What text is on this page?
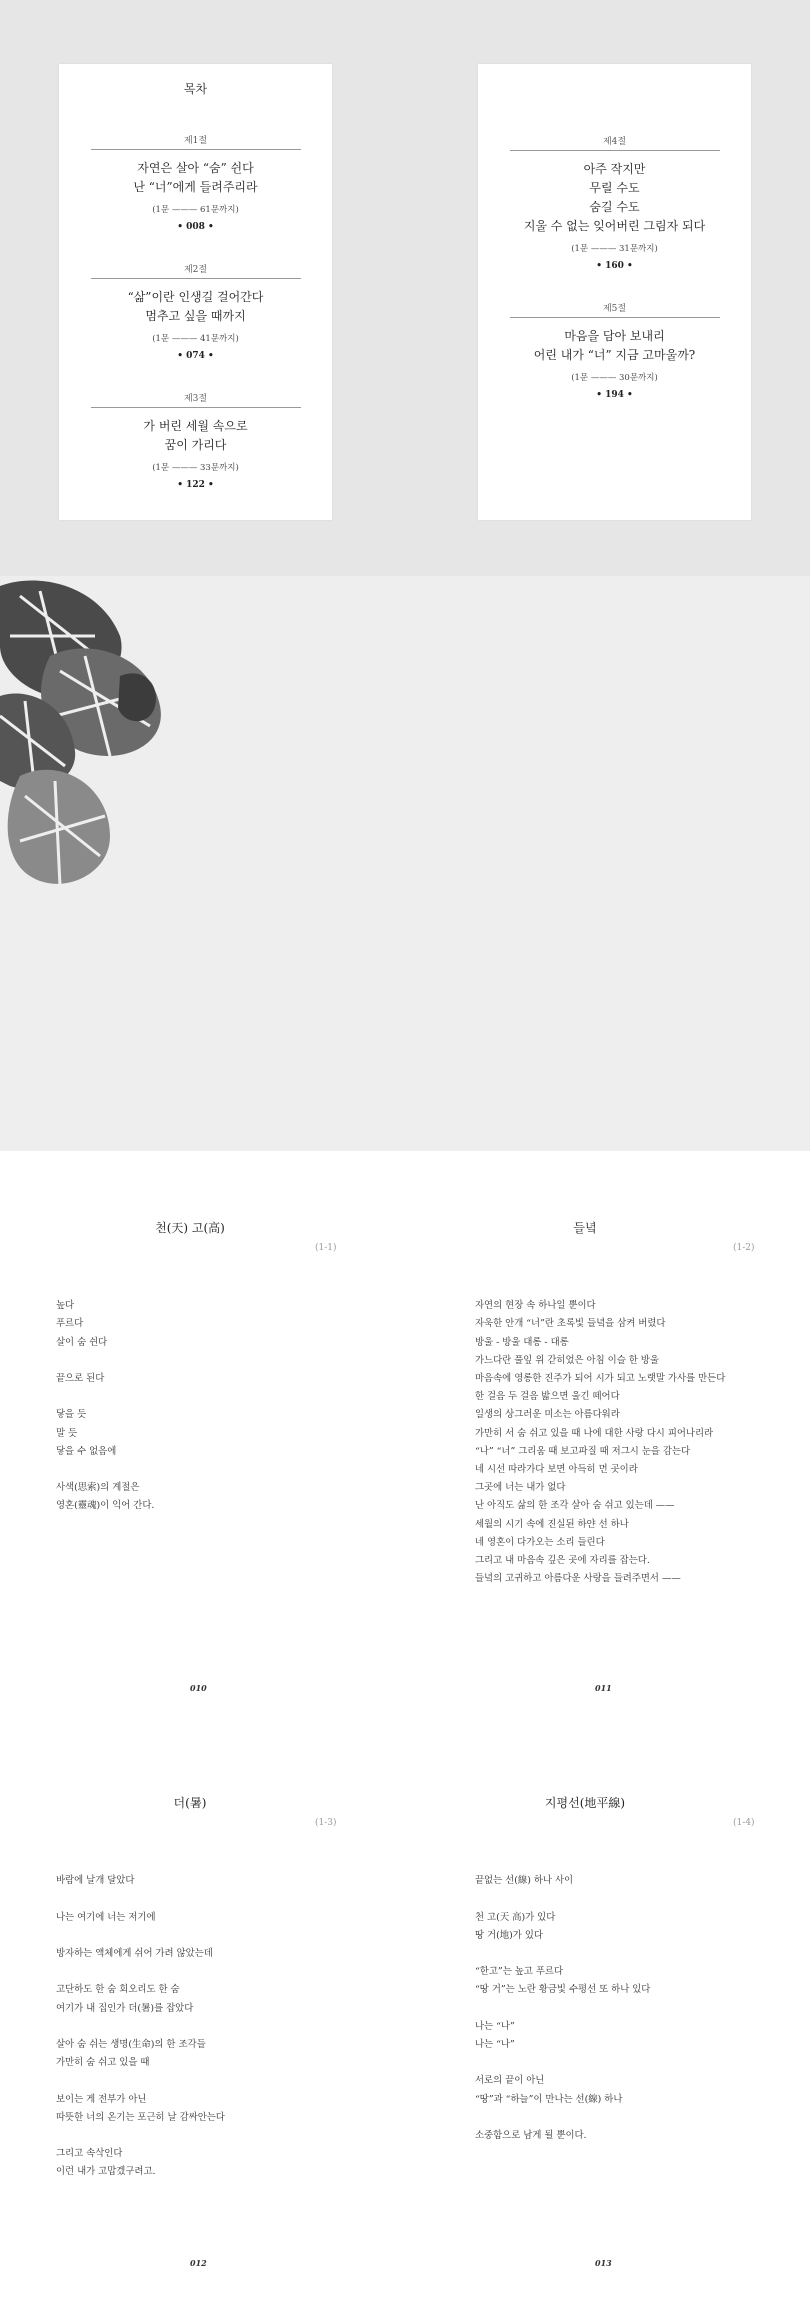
목차
제1절
자연은 살아 “숨” 쉰다
난 “너”에게 들려주리라
(1문 ——— 61문까지)
• 008 •
제2절
“삶”이란 인생길 걸어간다
멈추고 싶을 때까지
(1문 ——— 41문까지)
• 074 •
제3절
가 버린 세월 속으로
꿈이 가리다
(1문 ——— 33문까지)
• 122 •
제4절
아주 작지만
무릴 수도
숨길 수도
지울 수 없는 잊어버린 그림자 되다
(1문 ——— 31문까지)
• 160 •
제5절
마음을 담아 보내리
어린 내가 “너” 지금 고마울까?
(1문 ——— 30문까지)
• 194 •
천(天) 고(高)
(1-1)
높다
푸르다
살이 숨 쉰다
끝으로 된다
닿을 듯
말 듯
닿을 수 없음에
사색(思索)의 계절은
영혼(靈魂)이 익어 간다.
010
들녘
(1-2)
자연의 현장 속 하나일 뿐이다
자욱한 안개 “너”란 초록빛 들녘을 삼켜 버렸다
방울 - 방울 대롱 - 대롱
가느다란 풀잎 위 갇히었은 아침 이슬 한 방울
마음속에 영롱한 진주가 되어 시가 되고 노랫말 가사를 만든다
한 걸음 두 걸음 밟으면 울긴 떼어다
일생의 상그러운 미소는 아름다워라
가만히 서 숨 쉬고 있을 때 나에 대한 사랑 다시 피어나리라
“나” “너” 그리움 때 보고파질 때 저그시 눈을 감는다
네 시선 따라가다 보면 아득히 먼 곳이라
그곳에 너는 내가 없다
난 아직도 삶의 한 조각 살아 숨 쉬고 있는데 ——
세월의 시기 속에 진실된 하얀 선 하나
네 영혼이 다가오는 소리 들린다
그리고 내 마음속 깊은 곳에 자리를 잡는다.
들녘의 고귀하고 아름다운 사랑을 들려주면서 ——
011
더(暑)
(1-3)
바람에 날개 달았다
나는 여기에 너는 저기에
방자하는 액체에게 쉬어 가려 않았는데
고단하도 한 숨 회오리도 한 숨
여기가 내 집인가 더(暑)를 잡았다
살아 숨 쉬는 생명(生命)의 한 조각들
가만히 숨 쉬고 있을 때
보이는 게 전부가 아닌
따뜻한 너의 온기는 포근히 날 감싸안는다
그리고 속삭인다
이런 내가 고맙겠구려고.
012
지평선(地平線)
(1-4)
끝없는 선(線) 하나 사이
천 고(天 高)가 있다
땅 거(地)가 있다
“한고”는 높고 푸르다
“땅 거”는 노란 황금빛 수평선 또 하나 있다
나는 “나”
나는 “나”
서로의 끝이 아닌
“땅”과 “하늘”이 만나는 선(線) 하나
소중함으로 남게 될 뿐이다.
013
